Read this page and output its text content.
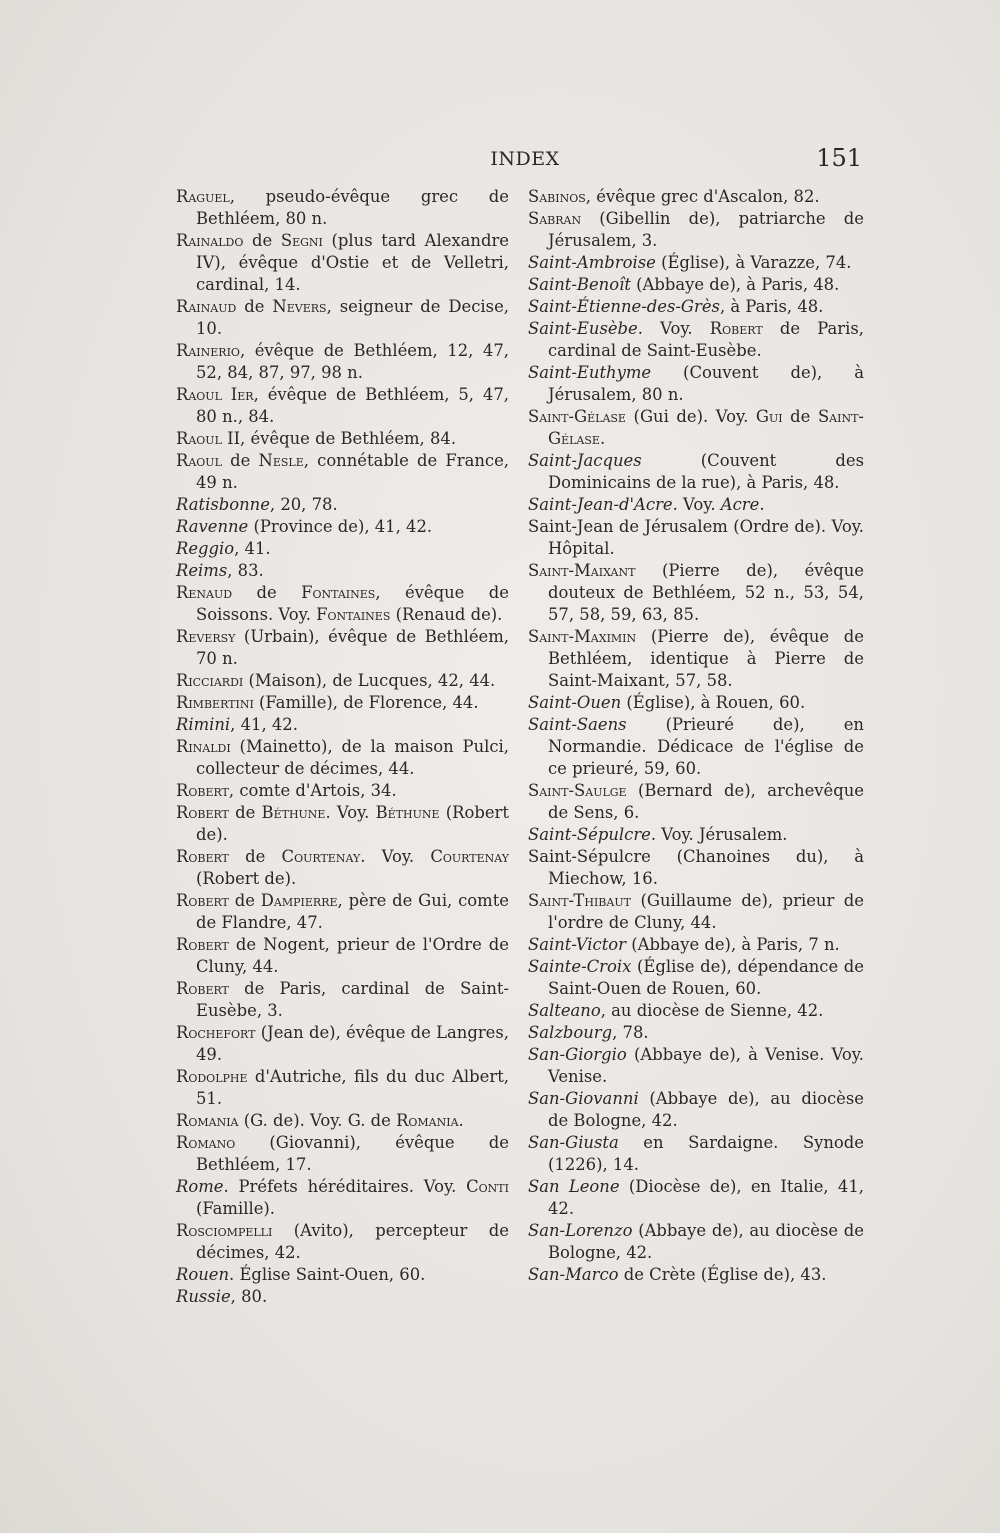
INDEX	151

Raguel, pseudo-évêque grec de Bethléem, 80 n.

Rainaldo de Segni (plus tard Alexandre IV), évêque d'Ostie et de Velletri, cardinal, 14.

Rainaud de Nevers, seigneur de Decise, 10.

Rainerio, évêque de Bethléem, 12, 47, 52, 84, 87, 97, 98 n.

Raoul Ier, évêque de Bethléem, 5, 47, 80 n., 84.

Raoul II, évêque de Bethléem, 84.

Raoul de Nesle, connétable de France, 49 n.

Ratisbonne, 20, 78.

Ravenne (Province de), 41, 42.

Reggio, 41.

Reims, 83.

Renaud de Fontaines, évêque de Soissons. Voy. Fontaines (Renaud de).

Reversy (Urbain), évêque de Bethléem, 70 n.

Ricciardi (Maison), de Lucques, 42, 44.

Rimbertini (Famille), de Florence, 44.

Rimini, 41, 42.

Rinaldi (Mainetto), de la maison Pulci, collecteur de décimes, 44.

Robert, comte d'Artois, 34.

Robert de Béthune. Voy. Béthune (Robert de).

Robert de Courtenay. Voy. Courtenay (Robert de).

Robert de Dampierre, père de Gui, comte de Flandre, 47.

Robert de Nogent, prieur de l'Ordre de Cluny, 44.

Robert de Paris, cardinal de Saint-Eusèbe, 3.

Rochefort (Jean de), évêque de Langres, 49.

Rodolphe d'Autriche, fils du duc Albert, 51.

Romania (G. de). Voy. G. de Romania.

Romano (Giovanni), évêque de Bethléem, 17.

Rome. Préfets héréditaires. Voy. Conti (Famille).

Rosciompelli (Avito), percepteur de décimes, 42.

Rouen. Église Saint-Ouen, 60.

Russie, 80.

Sabinos, évêque grec d'Ascalon, 82.

Sabran (Gibellin de), patriarche de Jérusalem, 3.

Saint-Ambroise (Église), à Varazze, 74.

Saint-Benoît (Abbaye de), à Paris, 48.

Saint-Étienne-des-Grès, à Paris, 48.

Saint-Eusèbe. Voy. Robert de Paris, cardinal de Saint-Eusèbe.

Saint-Euthyme (Couvent de), à Jérusalem, 80 n.

Saint-Gélase (Gui de). Voy. Gui de Saint-Gélase.

Saint-Jacques (Couvent des Dominicains de la rue), à Paris, 48.

Saint-Jean-d'Acre. Voy. Acre.

Saint-Jean de Jérusalem (Ordre de). Voy. Hôpital.

Saint-Maixant (Pierre de), évêque douteux de Bethléem, 52 n., 53, 54, 57, 58, 59, 63, 85.

Saint-Maximin (Pierre de), évêque de Bethléem, identique à Pierre de Saint-Maixant, 57, 58.

Saint-Ouen (Église), à Rouen, 60.

Saint-Saens (Prieuré de), en Normandie. Dédicace de l'église de ce prieuré, 59, 60.

Saint-Saulge (Bernard de), archevêque de Sens, 6.

Saint-Sépulcre. Voy. Jérusalem.

Saint-Sépulcre (Chanoines du), à Miechow, 16.

Saint-Thibaut (Guillaume de), prieur de l'ordre de Cluny, 44.

Saint-Victor (Abbaye de), à Paris, 7 n.

Sainte-Croix (Église de), dépendance de Saint-Ouen de Rouen, 60.

Salteano, au diocèse de Sienne, 42.

Salzbourg, 78.

San-Giorgio (Abbaye de), à Venise. Voy. Venise.

San-Giovanni (Abbaye de), au diocèse de Bologne, 42.

San-Giusta en Sardaigne. Synode (1226), 14.

San Leone (Diocèse de), en Italie, 41, 42.

San-Lorenzo (Abbaye de), au diocèse de Bologne, 42.

San-Marco de Crète (Église de), 43.
